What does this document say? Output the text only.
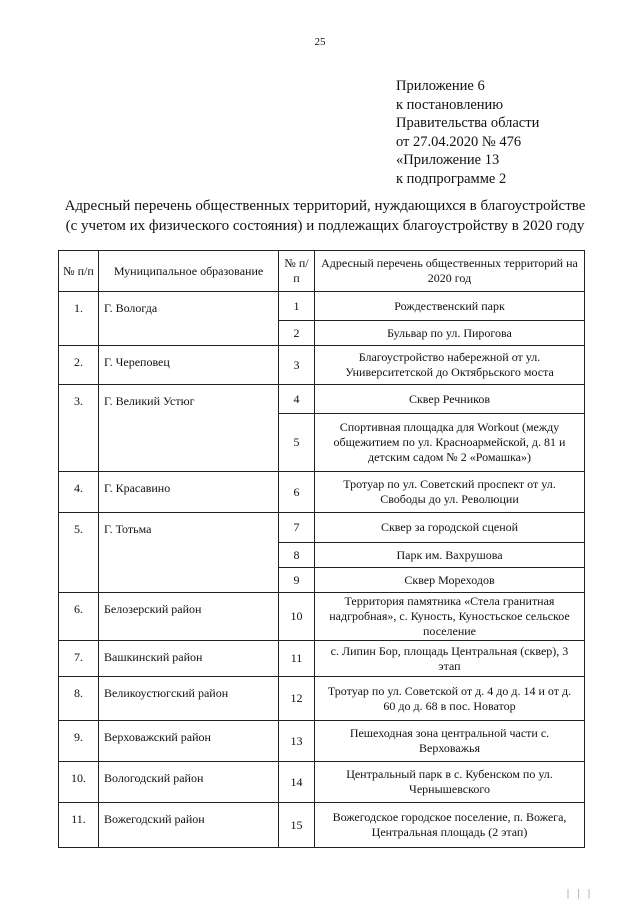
25
Приложение 6
к постановлению
Правительства области
от 27.04.2020 № 476
«Приложение 13
к подпрограмме 2
Адресный перечень общественных территорий, нуждающихся в благоустройстве
(с учетом их физического состояния) и подлежащих благоустройству в 2020 году
№ п/п	Муниципальное образование	№ п/п	Адресный перечень общественных территорий на 2020 год
1.	Г. Вологда	1	Рождественский парк
		2	Бульвар по ул. Пирогова
2.	Г. Череповец	3	Благоустройство набережной от ул. Университетской до Октябрьского моста
3.	Г. Великий Устюг	4	Сквер Речников
		5	Спортивная площадка для Workout (между общежитием по ул. Красноармейской, д. 81 и детским садом № 2 «Ромашка»)
4.	Г. Красавино	6	Тротуар по ул. Советский проспект от ул. Свободы до ул. Революции
5.	Г. Тотьма	7	Сквер за городской сценой
		8	Парк им. Вахрушова
		9	Сквер Мореходов
6.	Белозерский район	10	Территория памятника «Стела гранитная надгробная», с. Куность, Куностьское сельское поселение
7.	Вашкинский район	11	с. Липин Бор, площадь Центральная (сквер), 3 этап
8.	Великоустюгский район	12	Тротуар по ул. Советской от д. 4 до д. 14 и от д. 60 до д. 68 в пос. Новатор
9.	Верховажский район	13	Пешеходная зона центральной части с. Верховажья
10.	Вологодский район	14	Центральный парк в с. Кубенском по ул. Чернышевского
11.	Вожегодский район	15	Вожегодское городское поселение, п. Вожега, Центральная площадь (2 этап)
| | |
